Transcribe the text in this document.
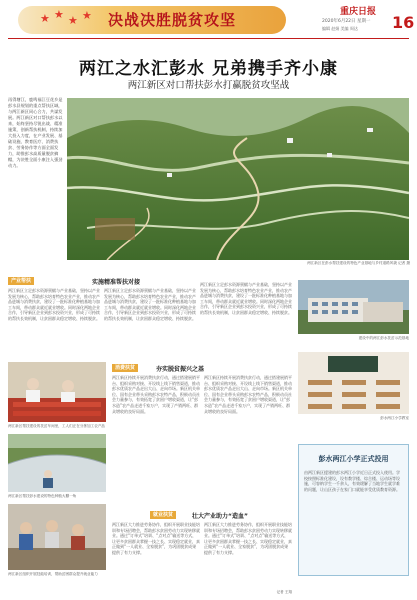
★ ★ ★ ★ 决战决胜脱贫攻坚	重庆日报
2020年6月22日 星期一
编辑 赵娟 美编 周达 16
两江之水汇彭水 兄弟携手齐小康
两江新区对口帮扶彭水打赢脱贫攻坚战
再得塘江，鹿鸣福江豆花乡是彭水县规划的重点帮扶区域，与两江新区同心合力，共谋发展。两江新区对口帮扶彭水以来，始终坚持尽锐出战、精准施策，创新帮扶机制，持续加大投入力度，在产业发展、基础设施、教育医疗、消费扶贫、劳务协作等方面全面发力，助推彭水高质量脱贫摘帽，为决胜全面小康注入强劲动力。
两江新区在彭水帮扶建设的特色产业基地与乡村道路风貌 记者 摄
产业帮扶	实施精准帮扶对接
两江新区立足彭水资源禀赋与产业基础，坚持以产业发展为核心，帮助彭水培育特色农业产业，推动农产品进城与消费扶贫，建设了一批标准化种植基地与加工车间，带动群众就近就业增收。同时深化两地企业合作，引导新区企业到彭水投资兴业，形成了可持续的帮扶长效机制，让贫困群众稳定增收、持续脱贫。
两江新区立足彭水资源禀赋与产业基础，坚持以产业发展为核心，帮助彭水培育特色农业产业，推动农产品进城与消费扶贫，建设了一批标准化种植基地与加工车间，带动群众就近就业增收。同时深化两地企业合作，引导新区企业到彭水投资兴业，形成了可持续的帮扶长效机制，让贫困群众稳定增收、持续脱贫。
两江新区立足彭水资源禀赋与产业基础，坚持以产业发展为核心，帮助彭水培育特色农业产业，推动农产品进城与消费扶贫，建设了一批标准化种植基地与加工车间，带动群众就近就业增收。同时深化两地企业合作，引导新区企业到彭水投资兴业，形成了可持续的帮扶长效机制，让贫困群众稳定增收、持续脱贫。
建设中的两江彭水扶贫示范基地
两江新区帮扶建设的扶贫车间里，工人们正在分拣加工农产品
两江新区帮扶彭水建设的特色种植大棚一角
消费扶贫	夯实脱贫振兴之基
两江新区持续开展消费扶贫行动，通过搭建展销平台、组织采购对接、开设线上线下销售渠道，推动彭水优质农产品走出大山、走向市场。新区机关单位、国有企业带头采购彭水农特产品，积极动员社会力量参与，有效拓宽了贫困户增收渠道，让“彭水造”农产品走进千家万户，实现了产销两旺、群众增收的良好局面。
两江新区持续开展消费扶贫行动，通过搭建展销平台、组织采购对接、开设线上线下销售渠道，推动彭水优质农产品走出大山、走向市场。新区机关单位、国有企业带头采购彭水农特产品，积极动员社会力量参与，有效拓宽了贫困户增收渠道，让“彭水造”农产品走进千家万户，实现了产销两旺、群众增收的良好局面。
就业扶贫	壮大产业助力“造血”
两江新区大力推进劳务协作，组织开展职业技能培训和专场招聘会，帮助彭水贫困劳动力实现转移就业。通过“订单式”培训、“点对点”输送等方式，让更多贫困群众掌握一技之长、实现稳定就业，真正做到“一人就业、全家脱贫”，为巩固脱贫成果提供了有力支撑。
两江新区大力推进劳务协作，组织开展职业技能培训和专场招聘会，帮助彭水贫困劳动力实现转移就业。通过“订单式”培训、“点对点”输送等方式，让更多贫困群众掌握一技之长、实现稳定就业，真正做到“一人就业、全家脱贫”，为巩固脱贫成果提供了有力支撑。
两江新区组织开展技能培训，帮助贫困群众提升就业能力
彭水两江小学教室
彭水两江小学正式投用
由两江新区援建的彭水两江小学近日正式投入使用。学校按照标准化建设，设有教学楼、综合楼、运动场等设施，可容纳学生一千余人，有效缓解了当地学生就学难的问题，让山区孩子在家门口就能享受优质教育资源。
记者 王翔
